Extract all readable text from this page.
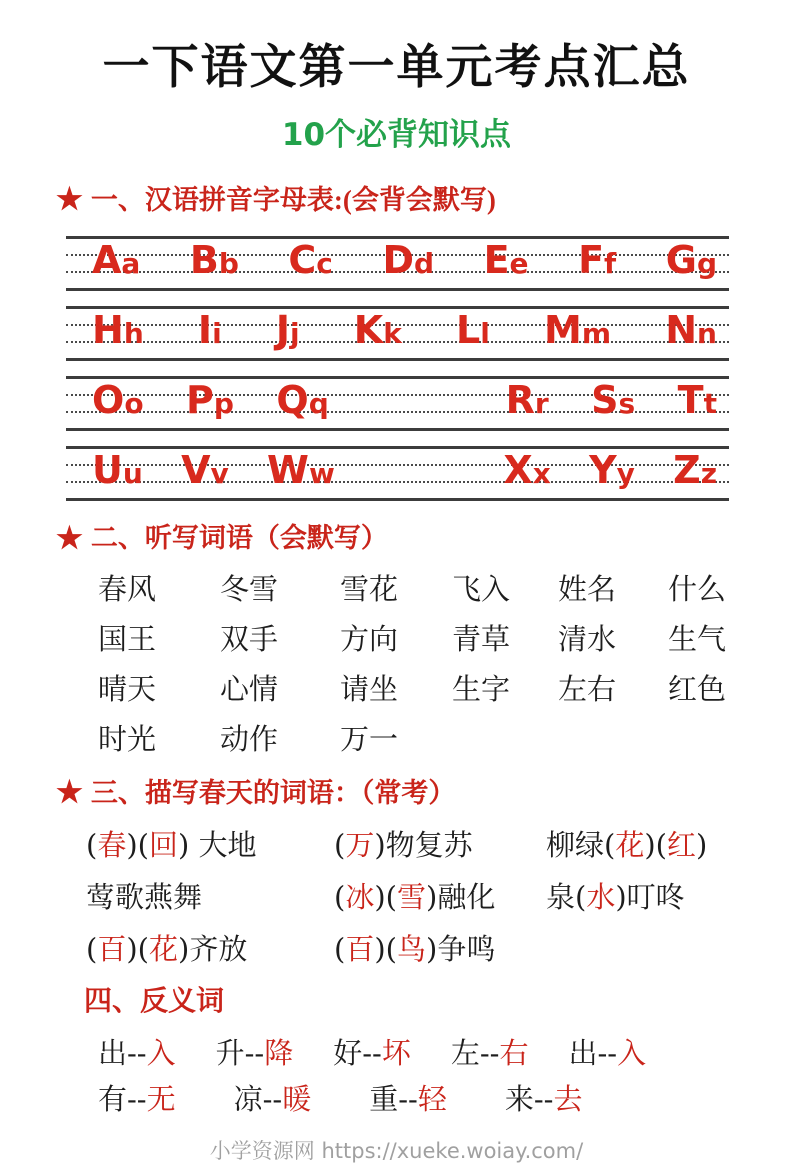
一下语文第一单元考点汇总
10个必背知识点
★ 一、汉语拼音字母表:(会背会默写)
Aa Bb Cc Dd Ee Ff Gg
Hh Ii Jj Kk Ll Mm Nn
Oo Pp Qq	Rr Ss Tt
Uu Vv Ww	Xx Yy Zz
★ 二、听写词语（会默写）
春风	冬雪	雪花	飞入	姓名	什么
国王	双手	方向	青草	清水	生气
晴天	心情	请坐	生字	左右	红色
时光	动作	万一
★ 三、描写春天的词语：（常考）
(春)(回) 大地	(万)物复苏	柳绿(花)(红)
莺歌燕舞	(冰)(雪)融化	泉(水)叮咚
(百)(花)齐放	(百)(鸟)争鸣
四、反义词
出--入 升--降 好--坏 左--右 出--入
有--无 凉--暖 重--轻 来--去
小学资源网 https://xueke.woiay.com/
